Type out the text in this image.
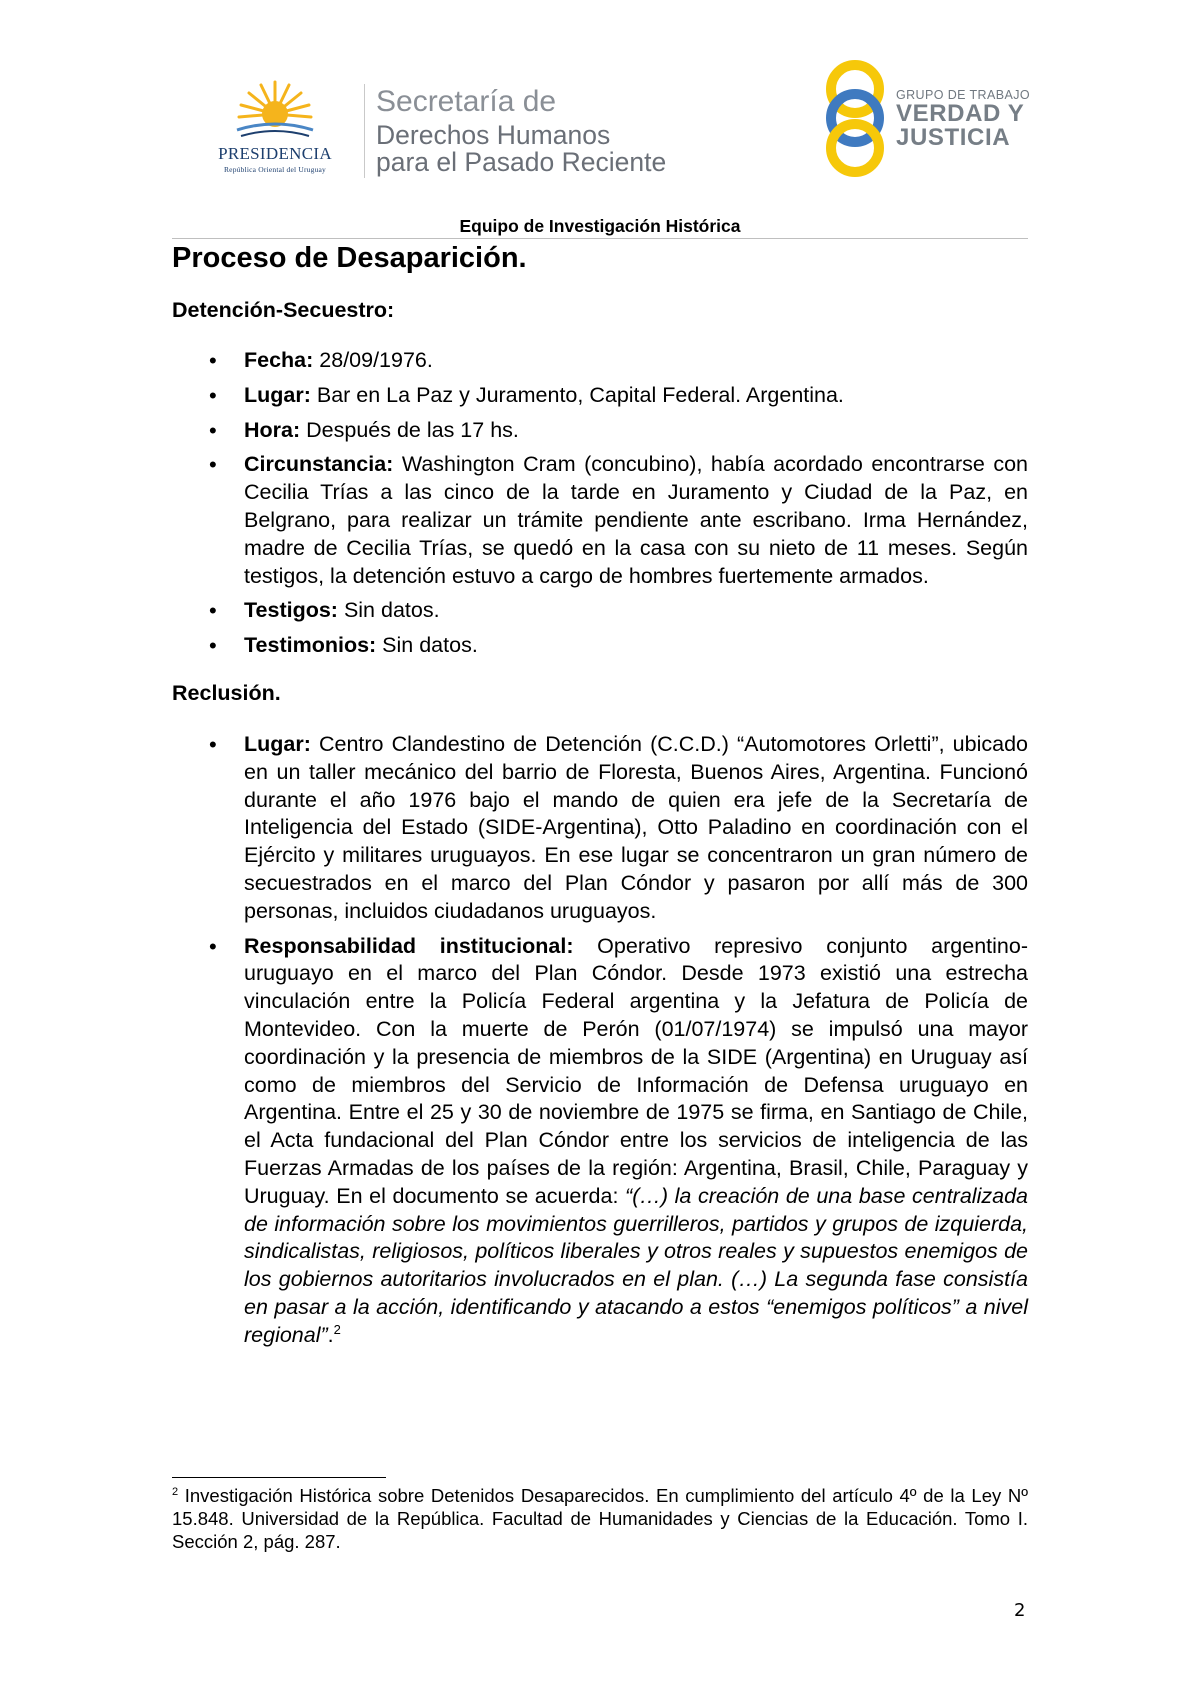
PRESIDENCIA
República Oriental del Uruguay
Secretaría de
Derechos Humanos
para el Pasado Reciente
GRUPO DE TRABAJO
VERDAD Y
JUSTICIA
Equipo de Investigación Histórica
Proceso de Desaparición.
Detención-Secuestro:
• Fecha: 28/09/1976.
• Lugar: Bar en La Paz y Juramento, Capital Federal. Argentina.
• Hora: Después de las 17 hs.
• Circunstancia: Washington Cram (concubino), había acordado encontrarse con Cecilia Trías a las cinco de la tarde en Juramento y Ciudad de la Paz, en Belgrano, para realizar un trámite pendiente ante escribano. Irma Hernández, madre de Cecilia Trías, se quedó en la casa con su nieto de 11 meses. Según testigos, la detención estuvo a cargo de hombres fuertemente armados.
• Testigos: Sin datos.
• Testimonios: Sin datos.
Reclusión.
• Lugar: Centro Clandestino de Detención (C.C.D.) “Automotores Orletti”, ubicado en un taller mecánico del barrio de Floresta, Buenos Aires, Argentina. Funcionó durante el año 1976 bajo el mando de quien era jefe de la Secretaría de Inteligencia del Estado (SIDE-Argentina), Otto Paladino en coordinación con el Ejército y militares uruguayos. En ese lugar se concentraron un gran número de secuestrados en el marco del Plan Cóndor y pasaron por allí más de 300 personas, incluidos ciudadanos uruguayos.
• Responsabilidad institucional: Operativo represivo conjunto argentino-uruguayo en el marco del Plan Cóndor. Desde 1973 existió una estrecha vinculación entre la Policía Federal argentina y la Jefatura de Policía de Montevideo. Con la muerte de Perón (01/07/1974) se impulsó una mayor coordinación y la presencia de miembros de la SIDE (Argentina) en Uruguay así como de miembros del Servicio de Información de Defensa uruguayo en Argentina. Entre el 25 y 30 de noviembre de 1975 se firma, en Santiago de Chile, el Acta fundacional del Plan Cóndor entre los servicios de inteligencia de las Fuerzas Armadas de los países de la región: Argentina, Brasil, Chile, Paraguay y Uruguay. En el documento se acuerda: “(…) la creación de una base centralizada de información sobre los movimientos guerrilleros, partidos y grupos de izquierda, sindicalistas, religiosos, políticos liberales y otros reales y supuestos enemigos de los gobiernos autoritarios involucrados en el plan. (…) La segunda fase consistía en pasar a la acción, identificando y atacando a estos “enemigos políticos” a nivel regional”.$^2$
$^2$ Investigación Histórica sobre Detenidos Desaparecidos. En cumplimiento del artículo 4º de la Ley Nº 15.848. Universidad de la República. Facultad de Humanidades y Ciencias de la Educación. Tomo I. Sección 2, pág. 287.
2
